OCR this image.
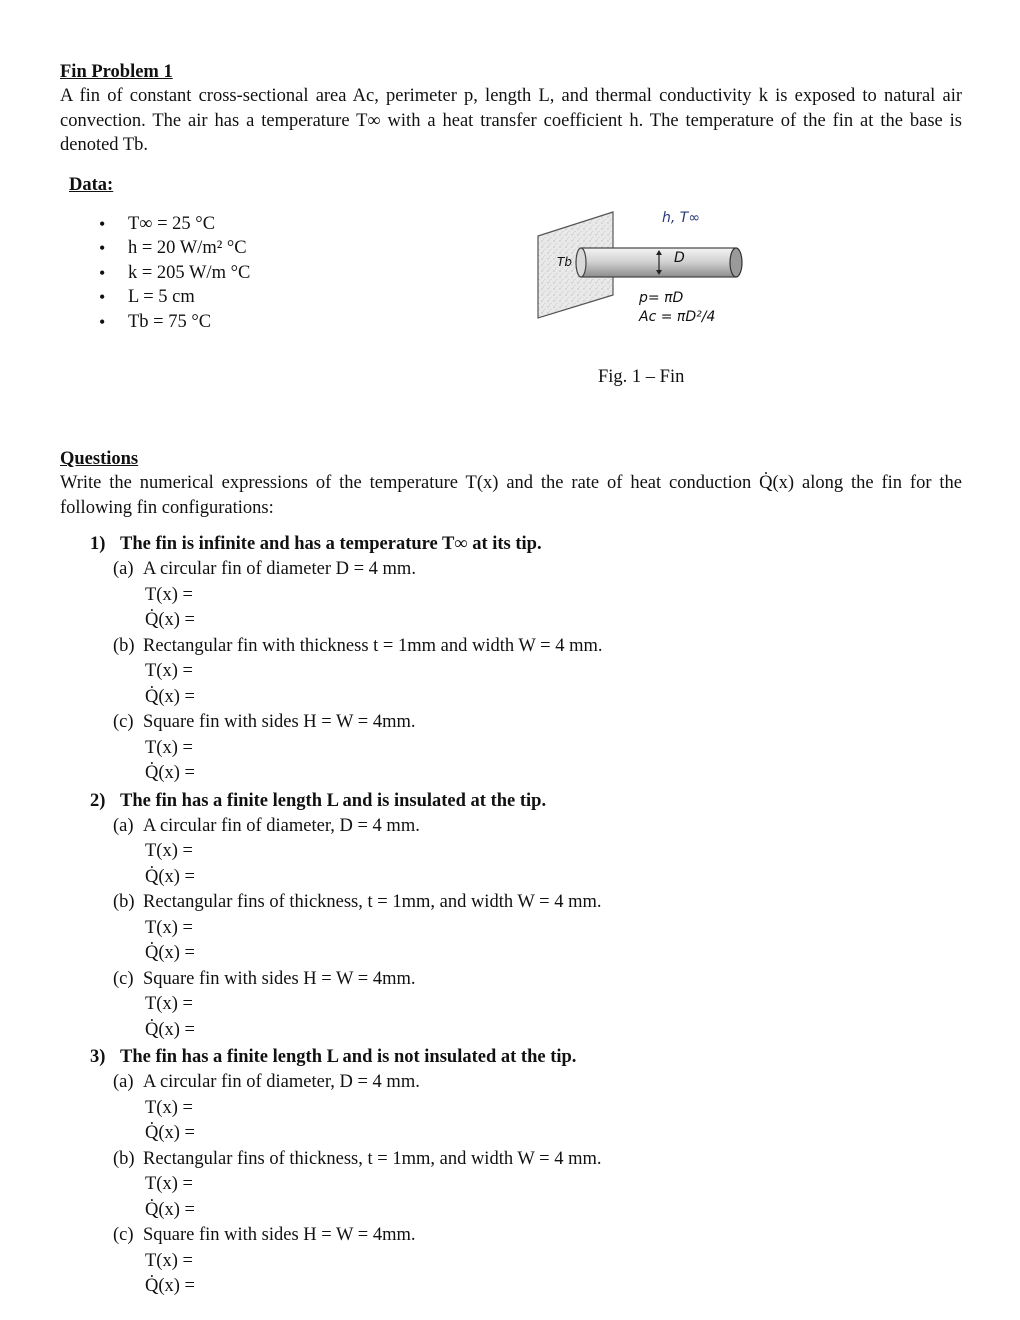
Fin Problem 1

A fin of constant cross-sectional area Ac, perimeter p, length L, and thermal conductivity k is exposed to natural air convection. The air has a temperature T∞ with a heat transfer coefficient h. The temperature of the fin at the base is denoted Tb.

Data:
• T∞ = 25 °C
• h = 20 W/m² °C
• k = 205 W/m °C
• L = 5 cm
• Tb = 75 °C
h, T∞
Tb	D
p= πD
Ac = πD²/4
Fig. 1 – Fin
Questions

Write the numerical expressions of the temperature T(x) and the rate of heat conduction Q̇(x) along the fin for the following fin configurations:

1) The fin is infinite and has a temperature T∞ at its tip.
(a) A circular fin of diameter D = 4 mm.
T(x) =
Q̇(x) =
(b) Rectangular fin with thickness t = 1mm and width W = 4 mm.
T(x) =
Q̇(x) =
(c) Square fin with sides H = W = 4mm.
T(x) =
Q̇(x) =
2) The fin has a finite length L and is insulated at the tip.
(a) A circular fin of diameter, D = 4 mm.
T(x) =
Q̇(x) =
(b) Rectangular fins of thickness, t = 1mm, and width W = 4 mm.
T(x) =
Q̇(x) =
(c) Square fin with sides H = W = 4mm.
T(x) =
Q̇(x) =
3) The fin has a finite length L and is not insulated at the tip.
(a) A circular fin of diameter, D = 4 mm.
T(x) =
Q̇(x) =
(b) Rectangular fins of thickness, t = 1mm, and width W = 4 mm.
T(x) =
Q̇(x) =
(c) Square fin with sides H = W = 4mm.
T(x) =
Q̇(x) =
